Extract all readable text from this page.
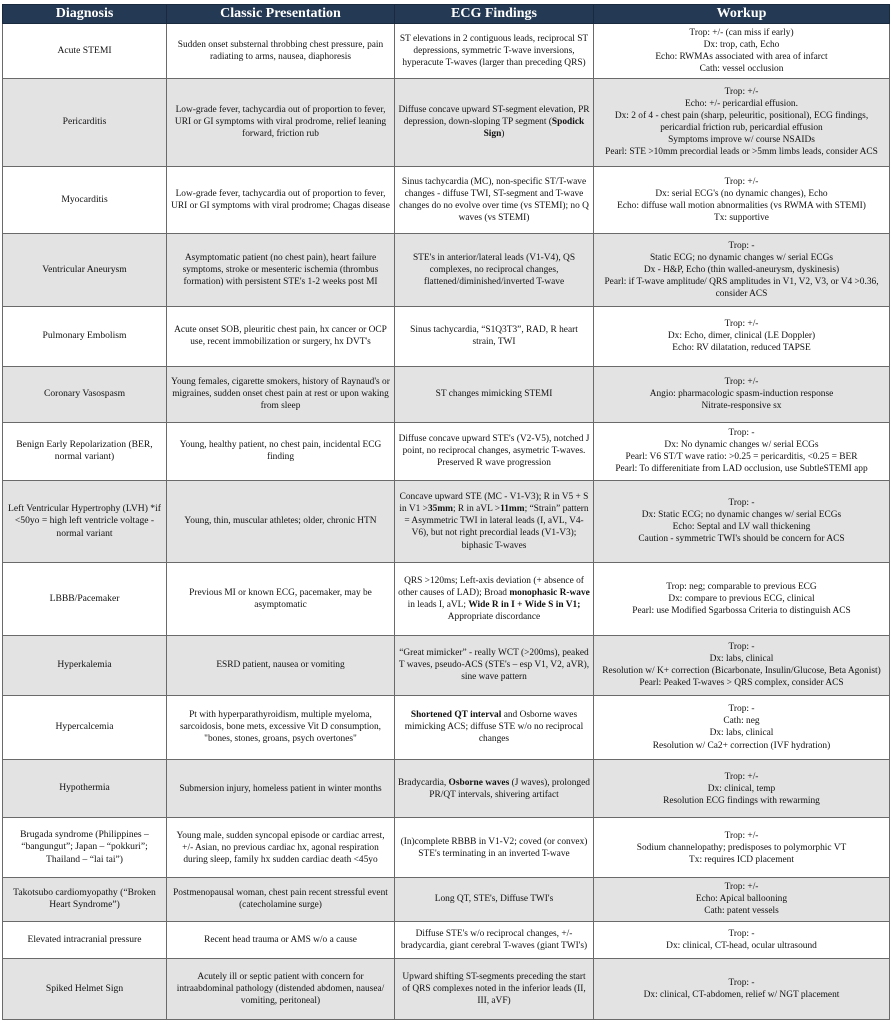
Diagnosis	Classic Presentation	ECG Findings	Workup
Acute STEMI	Sudden onset substernal throbbing chest pressure, pain radiating to arms, nausea, diaphoresis	ST elevations in 2 contiguous leads, reciprocal ST depressions, symmetric T-wave inversions, hyperacute T-waves (larger than preceding QRS)	Trop: +/- (can miss if early)
Dx: trop, cath, Echo
Echo: RWMAs associated with area of infarct
Cath: vessel occlusion

Pericarditis	Low-grade fever, tachycardia out of proportion to fever, URI or GI symptoms with viral prodrome, relief leaning forward, friction rub	Diffuse concave upward ST-segment elevation, PR depression, down-sloping TP segment (Spodick Sign)	Trop: +/-
Echo: +/- pericardial effusion.
Dx: 2 of 4 - chest pain (sharp, peleuritic, positional), ECG findings, pericardial friction rub, pericardial effusion
Symptoms improve w/ course NSAIDs
Pearl: STE >10mm precordial leads or >5mm limbs leads, consider ACS

Myocarditis	Low-grade fever, tachycardia out of proportion to fever, URI or GI symptoms with viral prodrome; Chagas disease	Sinus tachycardia (MC), non-specific ST/T-wave changes - diffuse TWI, ST-segment and T-wave changes do no evolve over time (vs STEMI); no Q waves (vs STEMI)	Trop: +/-
Dx: serial ECG's (no dynamic changes), Echo
Echo: diffuse wall motion abnormalities (vs RWMA with STEMI)
Tx: supportive

Ventricular Aneurysm	Asymptomatic patient (no chest pain), heart failure symptoms, stroke or mesenteric ischemia (thrombus formation) with persistent STE's 1-2 weeks post MI	STE's in anterior/lateral leads (V1-V4), QS complexes, no reciprocal changes, flattened/diminished/inverted T-wave	Trop: -
Static ECG; no dynamic changes w/ serial ECGs
Dx - H&P, Echo (thin walled-aneurysm, dyskinesis)
Pearl: if T-wave amplitude/ QRS amplitudes in V1, V2, V3, or V4 >0.36, consider ACS

Pulmonary Embolism	Acute onset SOB, pleuritic chest pain, hx cancer or OCP use, recent immobilization or surgery, hx DVT's	Sinus tachycardia, “S1Q3T3”, RAD, R heart strain, TWI	Trop: +/-
Dx: Echo, dimer, clinical (LE Doppler)
Echo: RV dilatation, reduced TAPSE

Coronary Vasospasm	Young females, cigarette smokers, history of Raynaud's or migraines, sudden onset chest pain at rest or upon waking from sleep	ST changes mimicking STEMI	Trop: +/-
Angio: pharmacologic spasm-induction response
Nitrate-responsive sx

Benign Early Repolarization (BER, normal variant)	Young, healthy patient, no chest pain, incidental ECG finding	Diffuse concave upward STE's (V2-V5), notched J point, no reciprocal changes, asymetric T-waves. Preserved R wave progression	Trop: -
Dx: No dynamic changes w/ serial ECGs
Pearl: V6 ST/T wave ratio: >0.25 = pericarditis, <0.25 = BER
Pearl: To differenitiate from LAD occlusion, use SubtleSTEMI app

Left Ventricular Hypertrophy (LVH) *if <50yo = high left ventricle voltage - normal variant	Young, thin, muscular athletes; older, chronic HTN	Concave upward STE (MC - V1-V3); R in V5 + S in V1 >35mm; R in aVL >11mm; “Strain” pattern = Asymmetric TWI in lateral leads (I, aVL, V4-V6), but not right precordial leads (V1-V3); biphasic T-waves	Trop: -
Dx: Static ECG; no dynamic changes w/ serial ECGs
Echo: Septal and LV wall thickening
Caution - symmetric TWI's should be concern for ACS

LBBB/Pacemaker	Previous MI or known ECG, pacemaker, may be asymptomatic	QRS >120ms; Left-axis deviation (+ absence of other causes of LAD); Broad monophasic R-wave in leads I, aVL; Wide R in I + Wide S in V1; Appropriate discordance	Trop: neg; comparable to previous ECG
Dx: compare to previous ECG, clinical
Pearl: use Modified Sgarbossa Criteria to distinguish ACS

Hyperkalemia	ESRD patient, nausea or vomiting	“Great mimicker” - really WCT (>200ms), peaked T waves, pseudo-ACS (STE's – esp V1, V2, aVR), sine wave pattern	Trop: -
Dx: labs, clinical
Resolution w/ K+ correction (Bicarbonate, Insulin/Glucose, Beta Agonist)
Pearl: Peaked T-waves > QRS complex, consider ACS

Hypercalcemia	Pt with hyperparathyroidism, multiple myeloma, sarcoidosis, bone mets, excessive Vit D consumption, "bones, stones, groans, psych overtones"	Shortened QT interval and Osborne waves mimicking ACS; diffuse STE w/o no reciprocal changes	Trop: -
Cath: neg
Dx: labs, clinical
Resolution w/ Ca2+ correction (IVF hydration)

Hypothermia	Submersion injury, homeless patient in winter months	Bradycardia, Osborne waves (J waves), prolonged PR/QT intervals, shivering artifact	Trop: +/-
Dx: clinical, temp
Resolution ECG findings with rewarming

Brugada syndrome (Philippines – “bangungut”; Japan – “pokkuri”; Thailand – “lai tai”)	Young male, sudden syncopal episode or cardiac arrest, +/- Asian, no previous cardiac hx, agonal respiration during sleep, family hx sudden cardiac death <45yo	(In)complete RBBB in V1-V2; coved (or convex) STE's terminating in an inverted T-wave	Trop: +/-
Sodium channelopathy; predisposes to polymorphic VT
Tx: requires ICD placement

Takotsubo cardiomyopathy (“Broken Heart Syndrome”)	Postmenopausal woman, chest pain recent stressful event (catecholamine surge)	Long QT, STE's, Diffuse TWI's	Trop: +/-
Echo: Apical ballooning
Cath: patent vessels

Elevated intracranial pressure	Recent head trauma or AMS w/o a cause	Diffuse STE's w/o reciprocal changes, +/- bradycardia, giant cerebral T-waves (giant TWI's)	Trop: -
Dx: clinical, CT-head, ocular ultrasound

Spiked Helmet Sign	Acutely ill or septic patient with concern for intraabdominal pathology (distended abdomen, nausea/ vomiting, peritoneal)	Upward shifting ST-segments preceding the start of QRS complexes noted in the inferior leads (II, III, aVF)	Trop: -
Dx: clinical, CT-abdomen, relief w/ NGT placement
